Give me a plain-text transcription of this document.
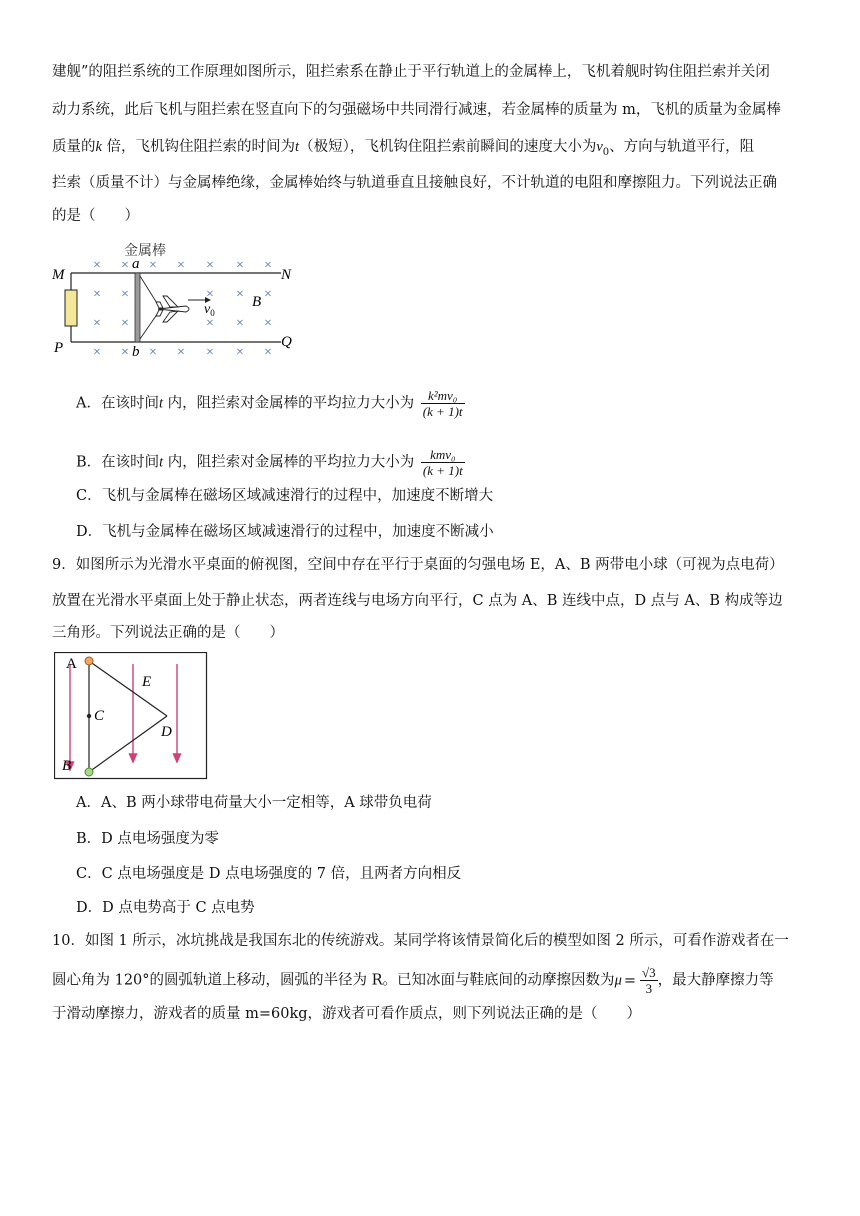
建舰”的阻拦系统的工作原理如图所示，阻拦索系在静止于平行轨道上的金属棒上，飞机着舰时钩住阻拦索并关闭
动力系统，此后飞机与阻拦索在竖直向下的匀强磁场中共同滑行减速，若金属棒的质量为 m，飞机的质量为金属棒
质量的k 倍，飞机钩住阻拦索的时间为t（极短），飞机钩住阻拦索前瞬间的速度大小为$v_0$、方向与轨道平行，阻
拦索（质量不计）与金属棒绝缘，金属棒始终与轨道垂直且接触良好，不计轨道的电阻和摩擦阻力。下列说法正确
的是（　　）
× × × × × × ×
× ×	× × ×
× ×	× × ×
× × × × × × ×
金属棒
M	N
P	Q
a
b
B
$v_0$
A．在该时间t 内，阻拦索对金属棒的平均拉力大小为 $\frac{\text{k²mv₀}}{(k + 1)t}$
B．在该时间t 内，阻拦索对金属棒的平均拉力大小为 $\frac{\text{kmv₀}}{(k + 1)t}$
C．飞机与金属棒在磁场区域减速滑行的过程中，加速度不断增大
D．飞机与金属棒在磁场区域减速滑行的过程中，加速度不断减小
9．如图所示为光滑水平桌面的俯视图，空间中存在平行于桌面的匀强电场 E，A、B 两带电小球（可视为点电荷）
放置在光滑水平桌面上处于静止状态，两者连线与电场方向平行，C 点为 A、B 连线中点，D 点与 A、B 构成等边
三角形。下列说法正确的是（　　）
A
B
C
D
E
A．A、B 两小球带电荷量大小一定相等，A 球带负电荷
B．D 点电场强度为零
C．C 点电场强度是 D 点电场强度的 7 倍，且两者方向相反
D．D 点电势高于 C 点电势
10．如图 1 所示，冰坑挑战是我国东北的传统游戏。某同学将该情景简化后的模型如图 2 所示，可看作游戏者在一
圆心角为 120°的圆弧轨道上移动，圆弧的半径为 R。已知冰面与鞋底间的动摩擦因数为$\mu = \frac{√3}{3}$ ，最大静摩擦力等
于滑动摩擦力，游戏者的质量 m=60kg，游戏者可看作质点，则下列说法正确的是（　　）
